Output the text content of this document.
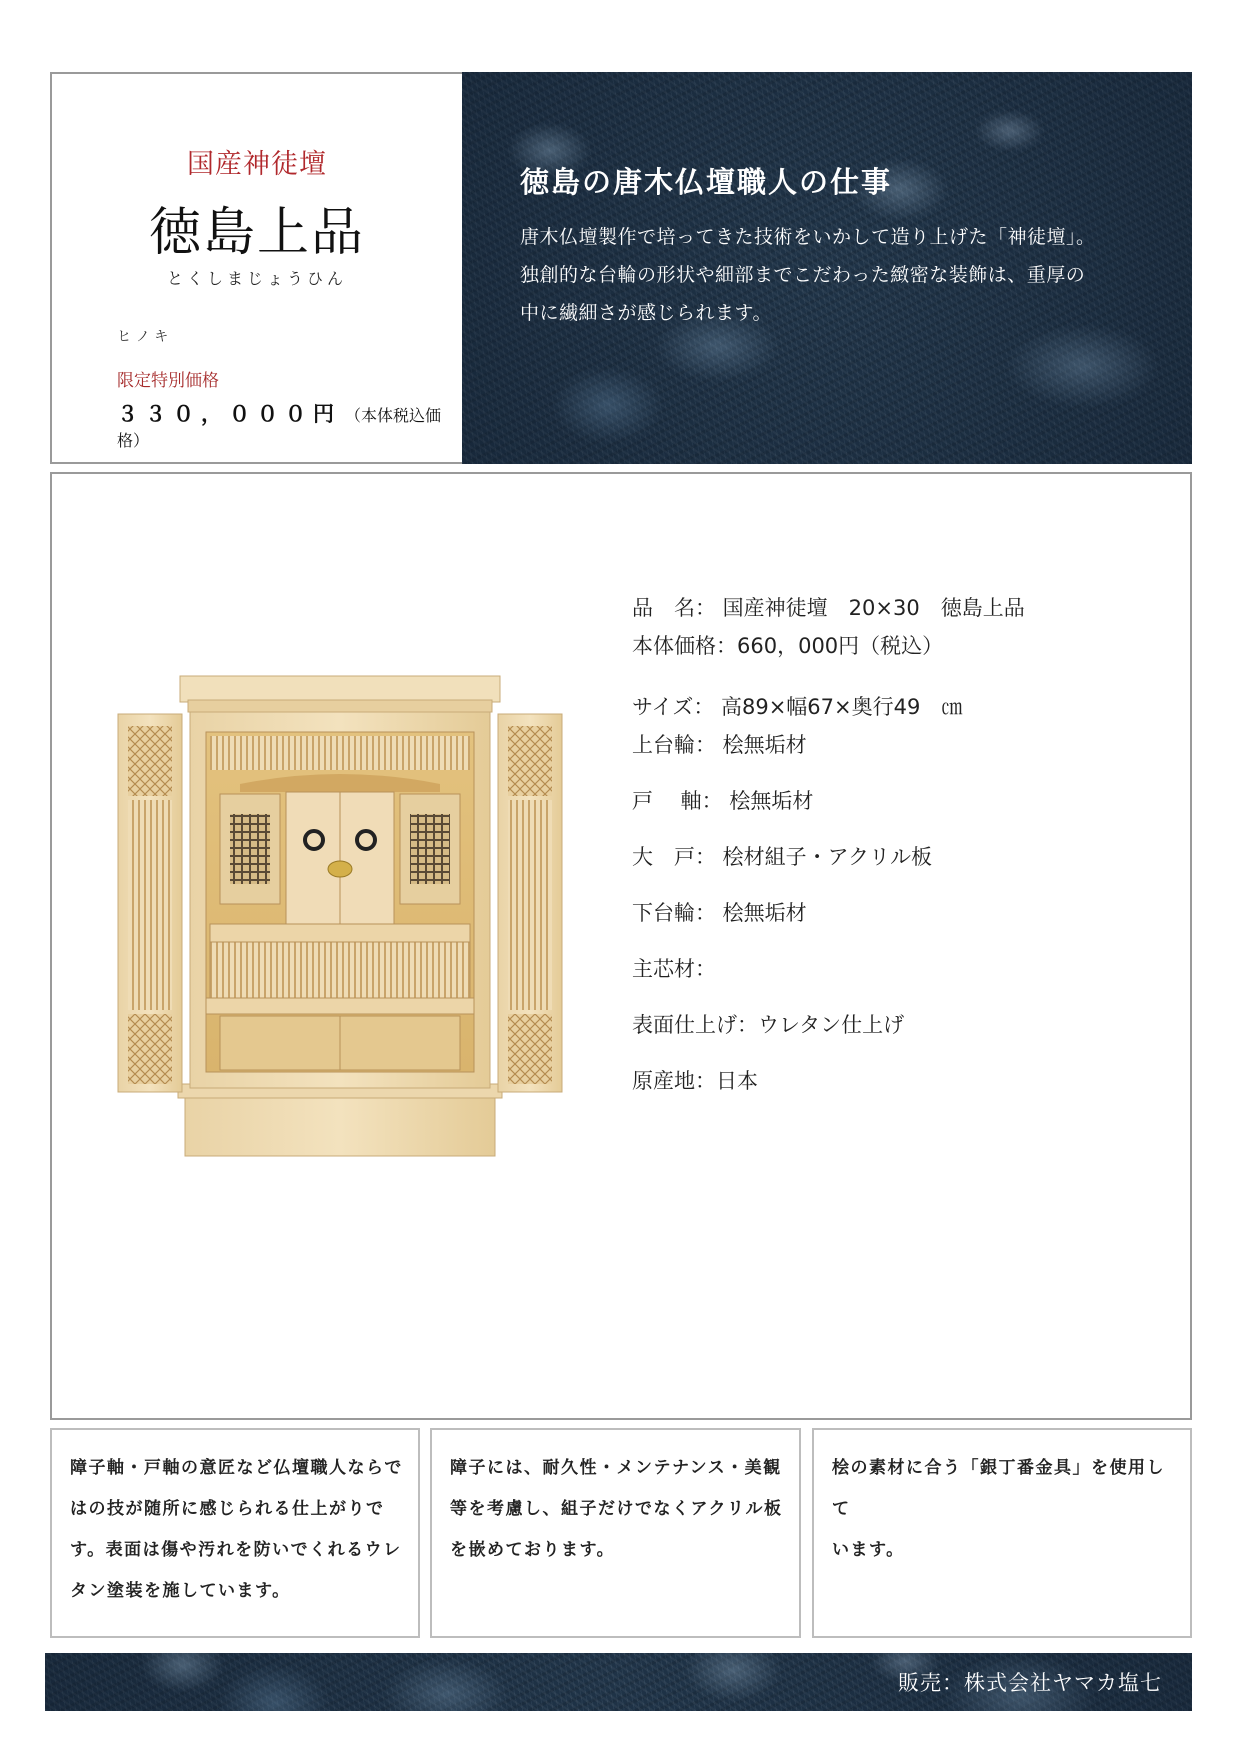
国産神徒壇
徳島上品
とくしまじょうひん
ヒノキ
限定特別価格
３３０，０００円 （本体税込価格）
徳島の唐木仏壇職人の仕事
唐木仏壇製作で培ってきた技術をいかして造り上げた「神徒壇」。
独創的な台輪の形状や細部までこだわった緻密な装飾は、重厚の
中に繊細さが感じられます。
品　名： 国産神徒壇　20×30　徳島上品
本体価格：660，000円（税込）
サイズ： 高89×幅67×奥行49　㎝
上台輪： 桧無垢材
戸　 軸： 桧無垢材
大　戸： 桧材組子・アクリル板
下台輪： 桧無垢材
主芯材：
表面仕上げ：ウレタン仕上げ
原産地：日本

障子軸・戸軸の意匠など仏壇職人ならで
はの技が随所に感じられる仕上がりで
す。表面は傷や汚れを防いでくれるウレ
タン塗装を施しています。

障子には、耐久性・メンテナンス・美観
等を考慮し、組子だけでなくアクリル板
を嵌めております。

桧の素材に合う「銀丁番金具」を使用して
います。

販売：株式会社ヤマカ塩七
